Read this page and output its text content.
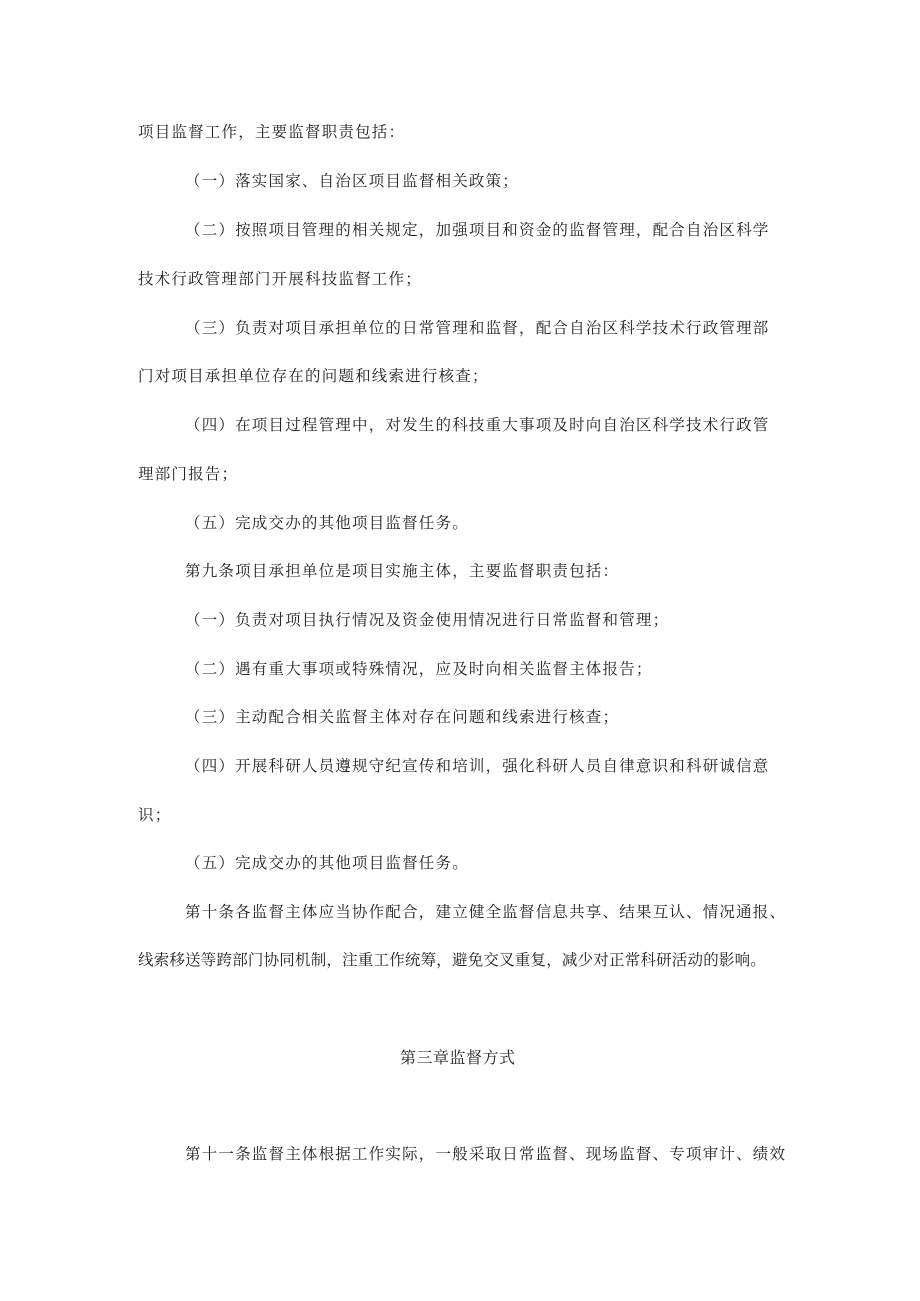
项目监督工作，主要监督职责包括：
（一）落实国家、自治区项目监督相关政策；
（二）按照项目管理的相关规定，加强项目和资金的监督管理，配合自治区科学
技术行政管理部门开展科技监督工作；
（三）负责对项目承担单位的日常管理和监督，配合自治区科学技术行政管理部
门对项目承担单位存在的问题和线索进行核查；
（四）在项目过程管理中，对发生的科技重大事项及时向自治区科学技术行政管
理部门报告；
（五）完成交办的其他项目监督任务。
第九条项目承担单位是项目实施主体，主要监督职责包括：
（一）负责对项目执行情况及资金使用情况进行日常监督和管理；
（二）遇有重大事项或特殊情况，应及时向相关监督主体报告；
（三）主动配合相关监督主体对存在问题和线索进行核查；
（四）开展科研人员遵规守纪宣传和培训，强化科研人员自律意识和科研诚信意
识；
（五）完成交办的其他项目监督任务。
第十条各监督主体应当协作配合，建立健全监督信息共享、结果互认、情况通报、
线索移送等跨部门协同机制，注重工作统筹，避免交叉重复，减少对正常科研活动的影响。
第三章监督方式
第十一条监督主体根据工作实际，一般采取日常监督、现场监督、专项审计、绩效
